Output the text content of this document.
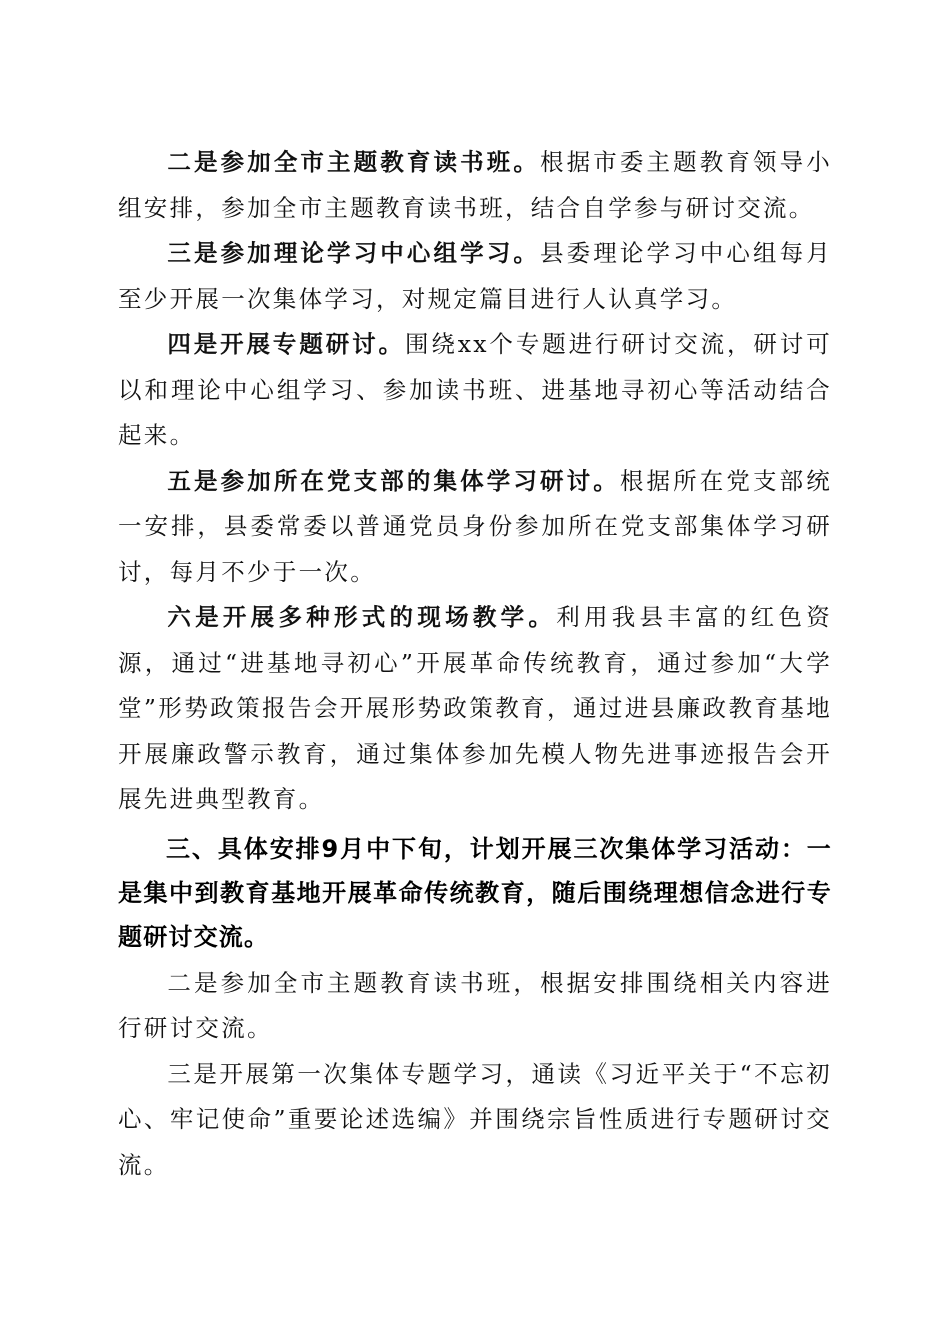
二是参加全市主题教育读书班。根据市委主题教育领导小组安排，参加全市主题教育读书班，结合自学参与研讨交流。

三是参加理论学习中心组学习。县委理论学习中心组每月至少开展一次集体学习，对规定篇目进行人认真学习。

四是开展专题研讨。围绕xx个专题进行研讨交流，研讨可以和理论中心组学习、参加读书班、进基地寻初心等活动结合起来。

五是参加所在党支部的集体学习研讨。根据所在党支部统一安排，县委常委以普通党员身份参加所在党支部集体学习研讨，每月不少于一次。

六是开展多种形式的现场教学。利用我县丰富的红色资源，通过“进基地寻初心”开展革命传统教育，通过参加“大学堂”形势政策报告会开展形势政策教育，通过进县廉政教育基地开展廉政警示教育，通过集体参加先模人物先进事迹报告会开展先进典型教育。

三、具体安排9月中下旬，计划开展三次集体学习活动：一是集中到教育基地开展革命传统教育，随后围绕理想信念进行专题研讨交流。

二是参加全市主题教育读书班，根据安排围绕相关内容进行研讨交流。

三是开展第一次集体专题学习，通读《习近平关于“不忘初心、牢记使命”重要论述选编》并围绕宗旨性质进行专题研讨交流。
